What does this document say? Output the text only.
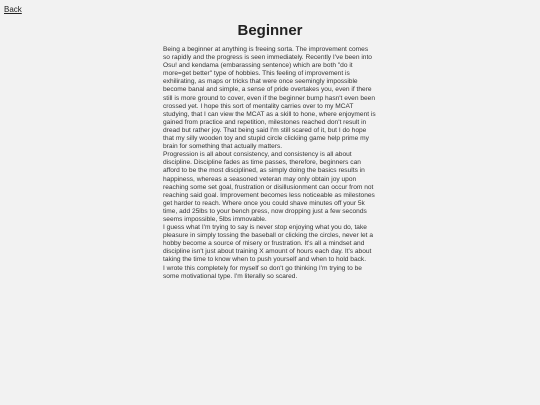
Back
Beginner

Being a beginner at anything is freeing sorta. The improvement comes so rapidly and the progress is seen immediately. Recently I've been into Osu! and kendama (embarassing sentence) which are both "do it more=get better" type of hobbies. This feeling of improvement is exhilirating, as maps or tricks that were once seemingly impossible become banal and simple, a sense of pride overtakes you, even if there still is more ground to cover, even if the beginner bump hasn't even been crossed yet. I hope this sort of mentality carries over to my MCAT studying, that I can view the MCAT as a skill to hone, where enjoyment is gained from practice and repetition, milestones reached don't result in dread but rather joy. That being said I'm still scared of it, but I do hope that my silly wooden toy and stupid circle clickiing game help prime my brain for something that actually matters.

Progression is all about consistency, and consistency is all about discipline. Discipline fades as time passes, therefore, beginners can afford to be the most disciplined, as simply doing the basics results in happiness, whereas a seasoned veteran may only obtain joy upon reaching some set goal, frustration or disillusionment can occur from not reaching said goal. Improvement becomes less noticeable as milestones get harder to reach. Where once you could shave minutes off your 5k time, add 25lbs to your bench press, now dropping just a few seconds seems impossible, 5lbs immovable.

I guess what I'm trying to say is never stop enjoying what you do, take pleasure in simply tossing the baseball or clicking the circles, never let a hobby become a source of misery or frustration. It's all a mindset and discipline isn't just about training X amount of hours each day. It's about taking the time to know when to push yourself and when to hold back.

I wrote this completely for myself so don't go thinking I'm trying to be some motivational type. I'm literally so scared.
